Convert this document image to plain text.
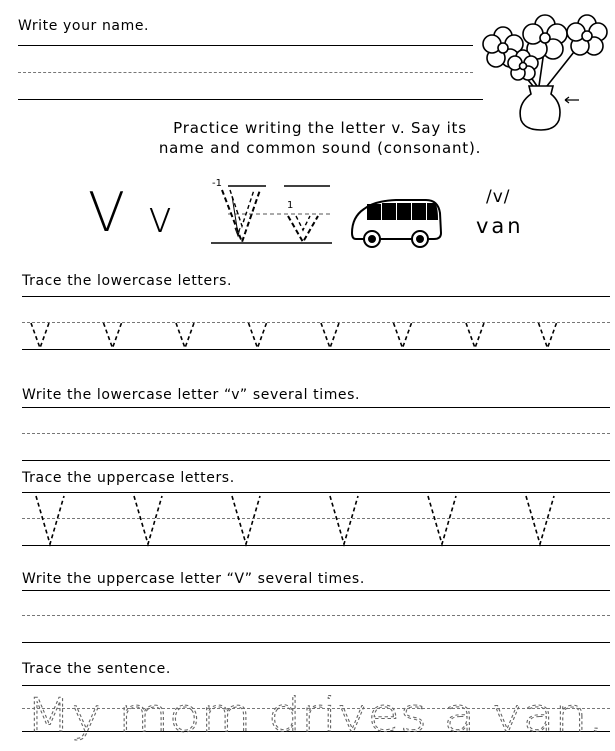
Write your name.
Practice writing the letter v. Say its
name and common sound (consonant).
V v
-1
1	/v/
van
Trace the lowercase letters.
Write the lowercase letter “v” several times.
Trace the uppercase letters.
Write the uppercase letter “V” several times.
Trace the sentence.
My mom drives a van.
